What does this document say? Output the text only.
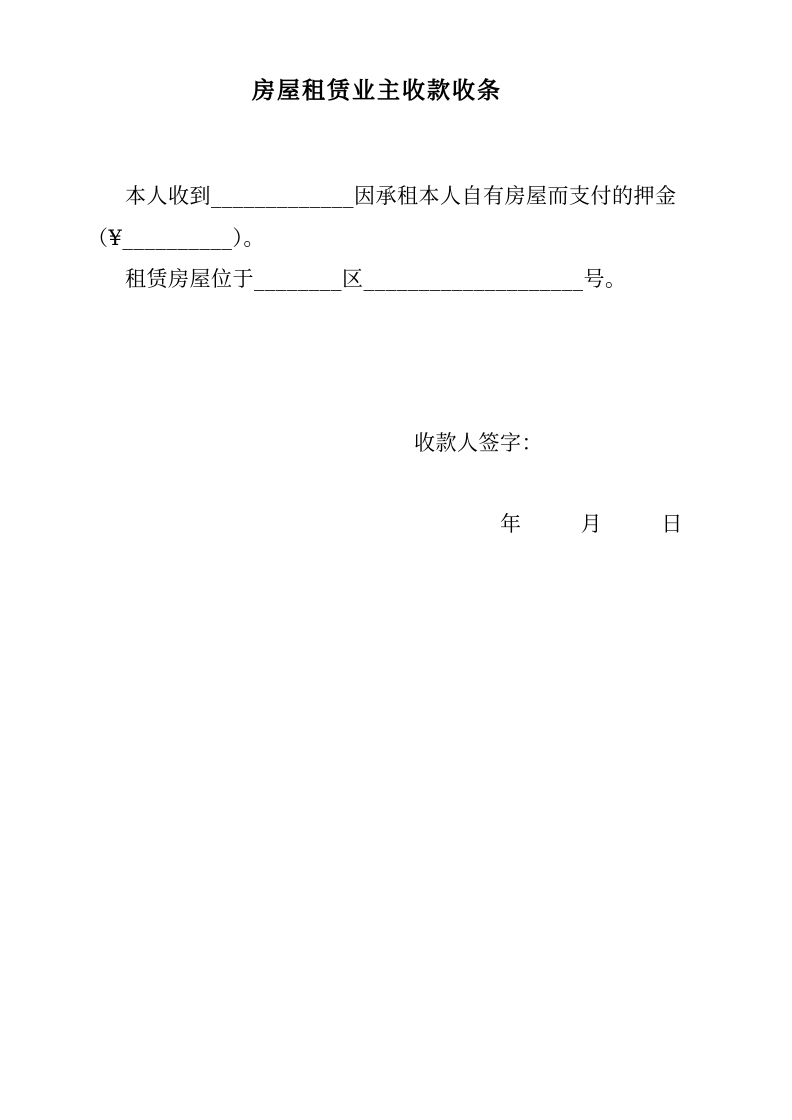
房屋租赁业主收款收条

本人收到_____________因承租本人自有房屋而支付的押金

（¥__________）。

租赁房屋位于________区____________________号。

收款人签字：

年	月	日
